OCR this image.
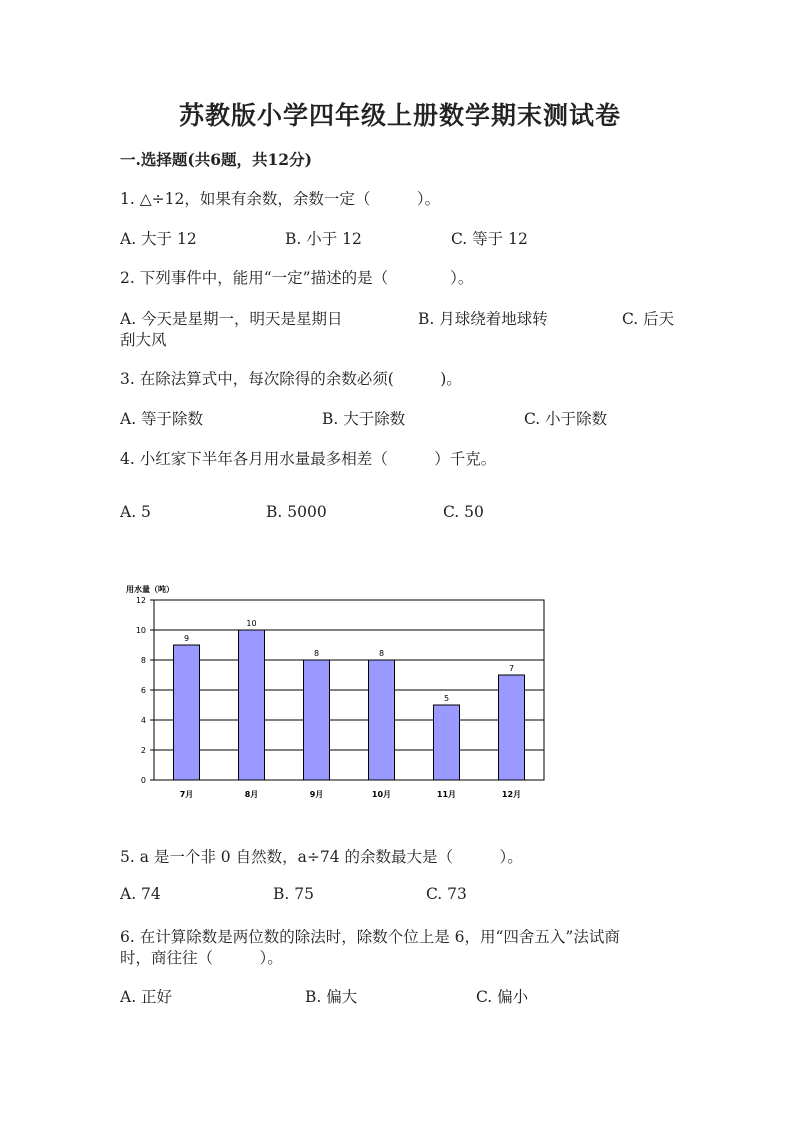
苏教版小学四年级上册数学期末测试卷
一.选择题(共6题，共12分)
1. △÷12，如果有余数，余数一定（　　　）。
A. 大于 12	B. 小于 12	C. 等于 12
2. 下列事件中，能用“一定”描述的是（　　　　）。
A. 今天是星期一，明天是星期日	B. 月球绕着地球转	C. 后天
刮大风
3. 在除法算式中，每次除得的余数必须(　　　)。
A. 等于除数	B. 大于除数	C. 小于除数
4. 小红家下半年各月用水量最多相差（　　　）千克。
A. 5	B. 5000	C. 50
用水量（吨）
0
2
4
6
8
10
12
9
7月
10
8月
8
9月
8
10月
5
11月
7
12月
5. a 是一个非 0 自然数，a÷74 的余数最大是（　　　）。
A. 74	B. 75	C. 73
6. 在计算除数是两位数的除法时，除数个位上是 6，用“四舍五入”法试商
时，商往往（　　　）。
A. 正好	B. 偏大	C. 偏小
